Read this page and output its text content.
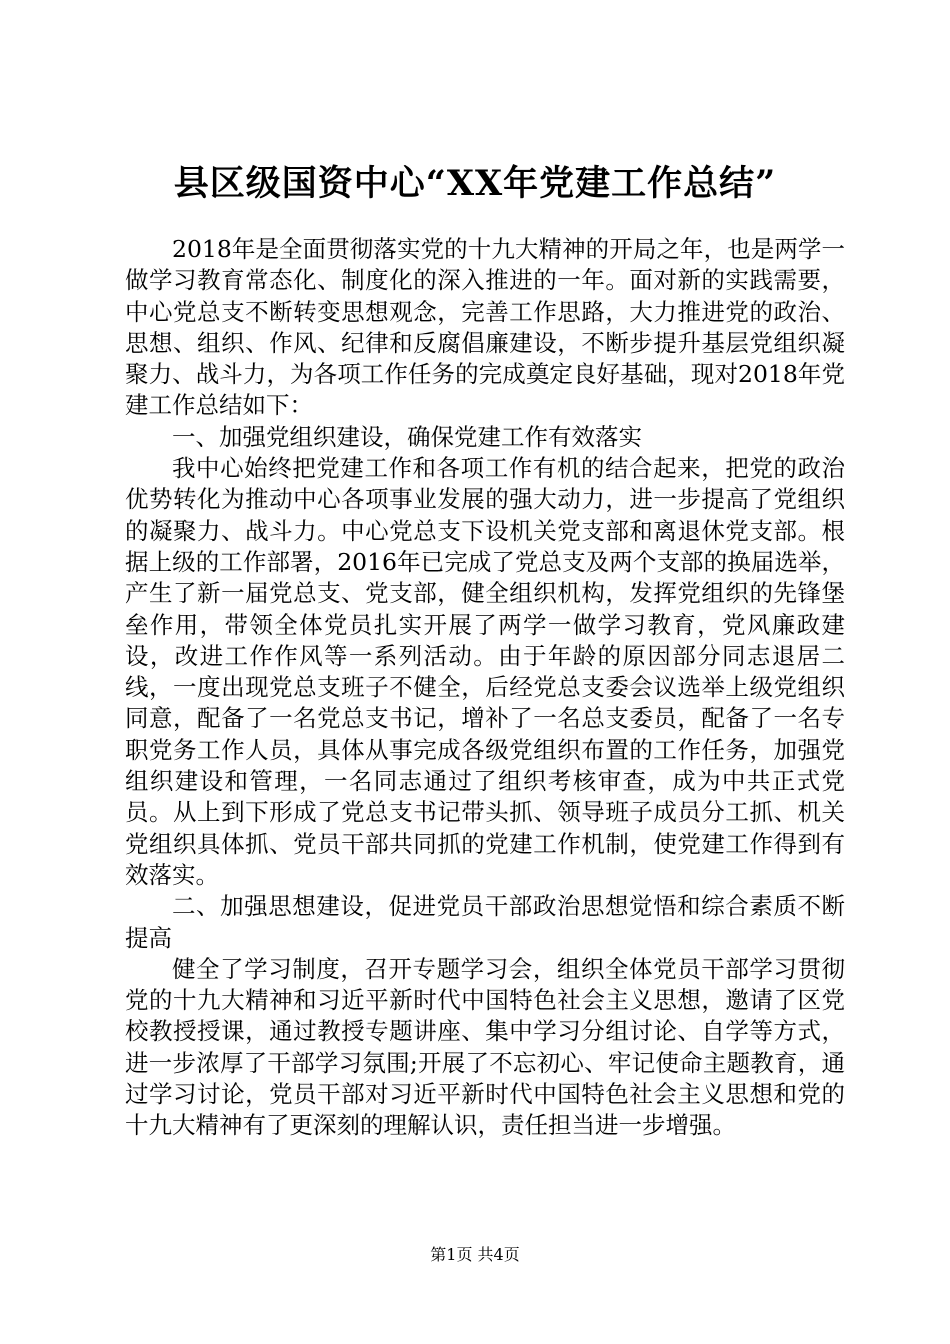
县区级国资中心“XX年党建工作总结”

2018年是全面贯彻落实党的十九大精神的开局之年，也是两学一做学习教育常态化、制度化的深入推进的一年。面对新的实践需要，中心党总支不断转变思想观念，完善工作思路，大力推进党的政治、思想、组织、作风、纪律和反腐倡廉建设，不断步提升基层党组织凝聚力、战斗力，为各项工作任务的完成奠定良好基础，现对2018年党建工作总结如下：

一、加强党组织建设，确保党建工作有效落实

我中心始终把党建工作和各项工作有机的结合起来，把党的政治优势转化为推动中心各项事业发展的强大动力，进一步提高了党组织的凝聚力、战斗力。中心党总支下设机关党支部和离退休党支部。根据上级的工作部署，2016年已完成了党总支及两个支部的换届选举，产生了新一届党总支、党支部，健全组织机构，发挥党组织的先锋堡垒作用，带领全体党员扎实开展了两学一做学习教育，党风廉政建设，改进工作作风等一系列活动。由于年龄的原因部分同志退居二线，一度出现党总支班子不健全，后经党总支委会议选举上级党组织同意，配备了一名党总支书记，增补了一名总支委员，配备了一名专职党务工作人员，具体从事完成各级党组织布置的工作任务，加强党组织建设和管理，一名同志通过了组织考核审查，成为中共正式党员。从上到下形成了党总支书记带头抓、领导班子成员分工抓、机关党组织具体抓、党员干部共同抓的党建工作机制，使党建工作得到有效落实。

二、加强思想建设，促进党员干部政治思想觉悟和综合素质不断提高

健全了学习制度，召开专题学习会，组织全体党员干部学习贯彻党的十九大精神和习近平新时代中国特色社会主义思想，邀请了区党校教授授课，通过教授专题讲座、集中学习分组讨论、自学等方式，进一步浓厚了干部学习氛围;开展了不忘初心、牢记使命主题教育，通过学习讨论，党员干部对习近平新时代中国特色社会主义思想和党的十九大精神有了更深刻的理解认识，责任担当进一步增强。

第1页 共4页
